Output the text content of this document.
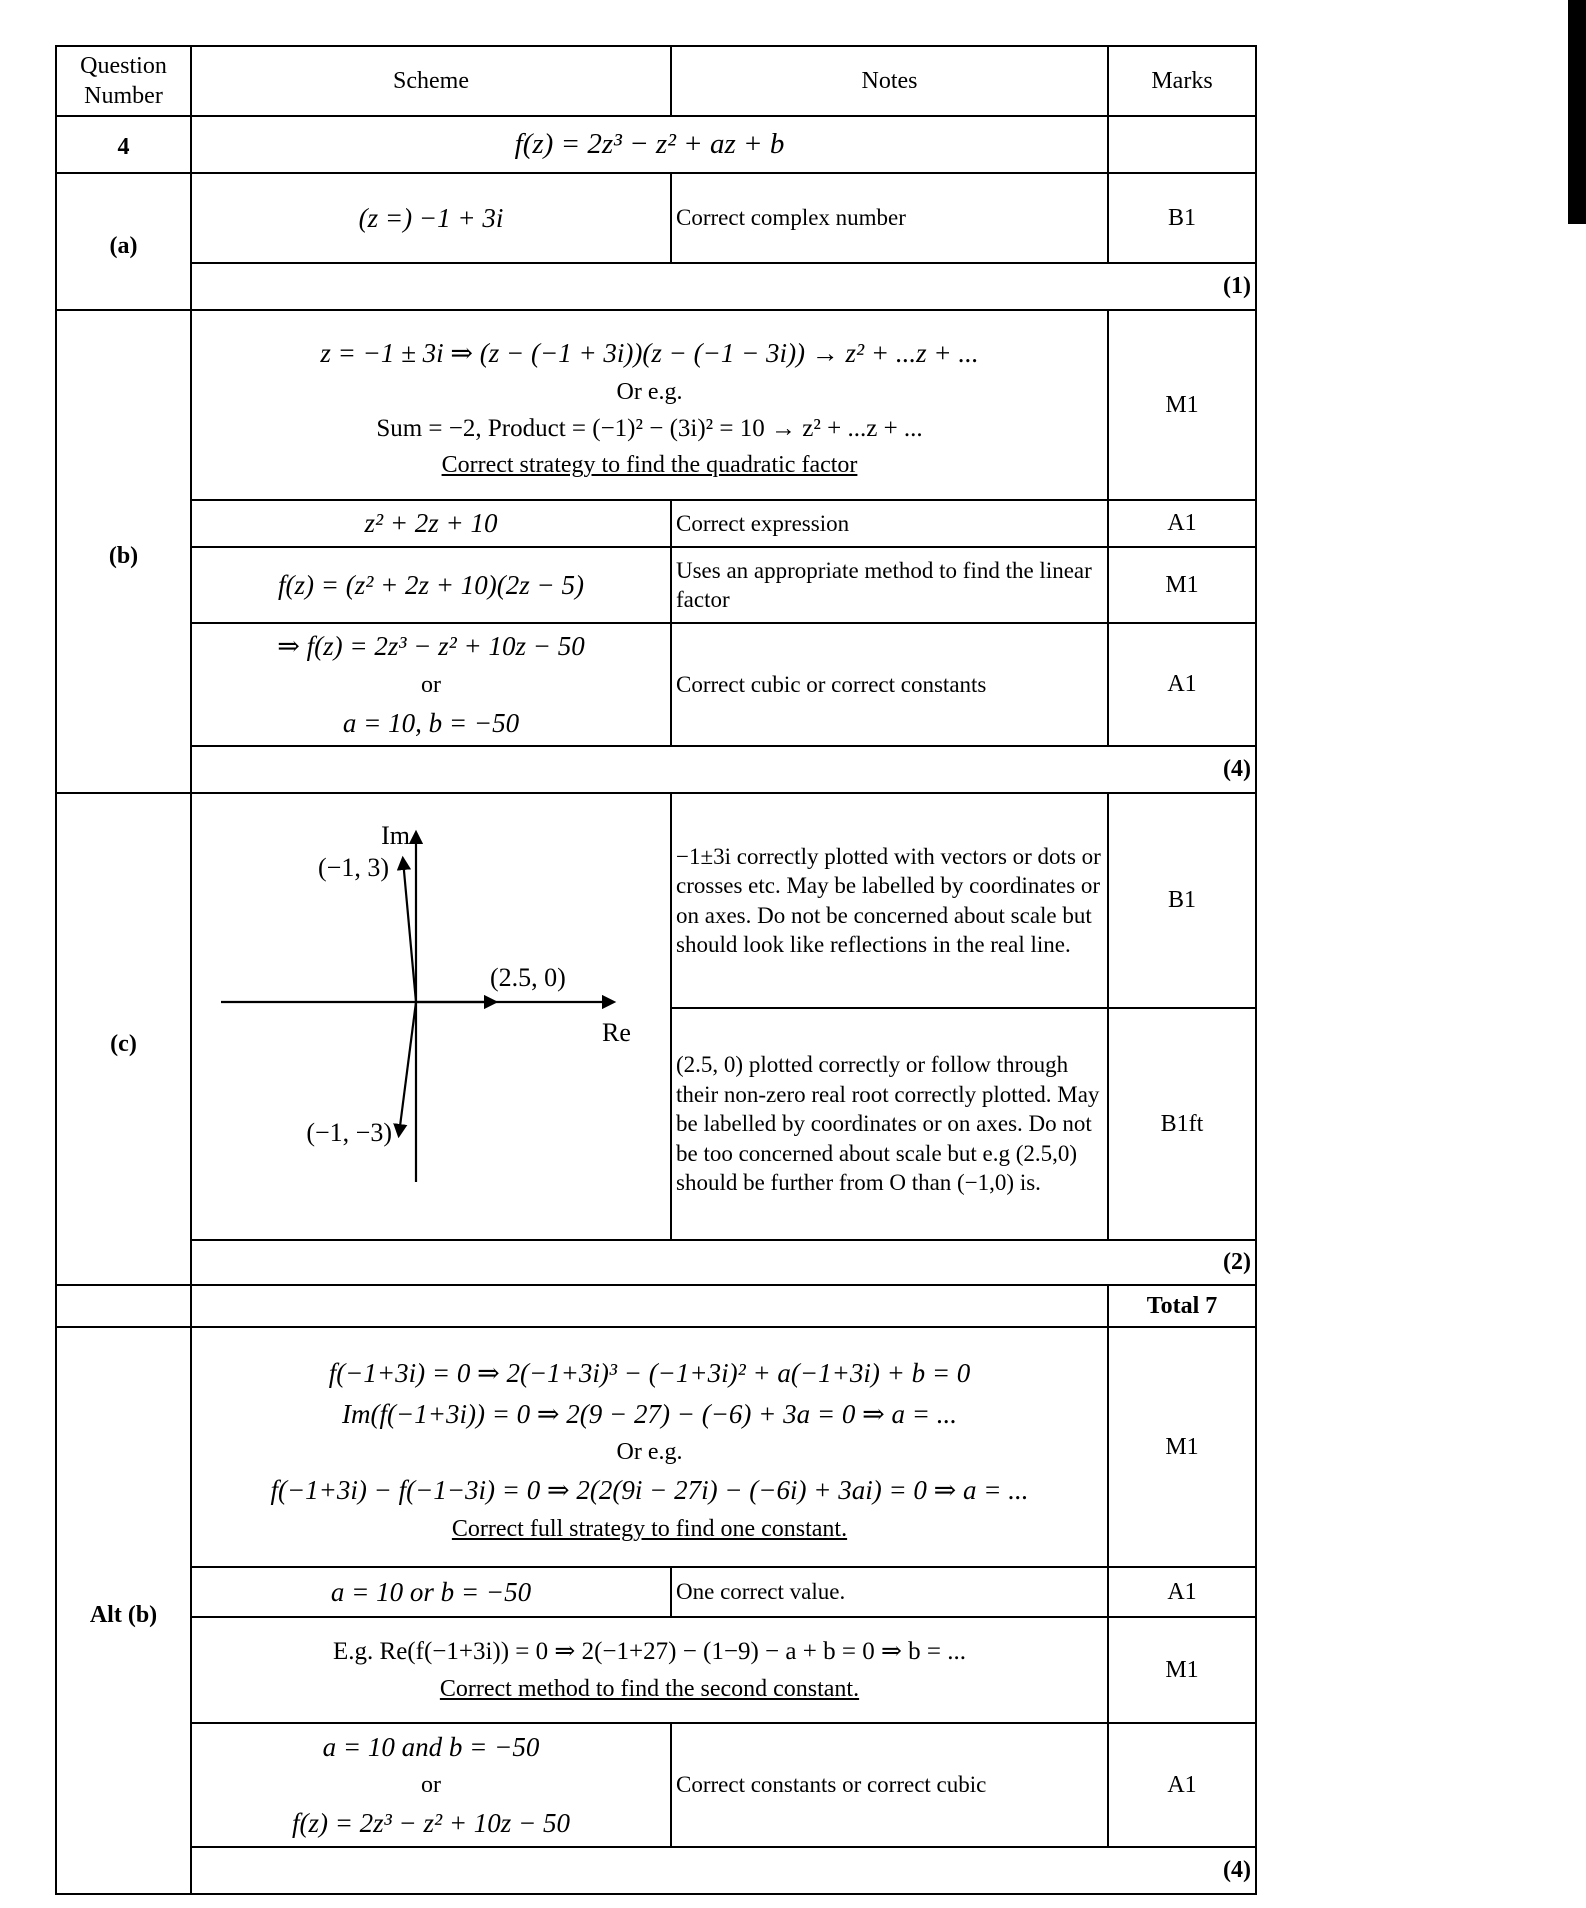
Question Number	Scheme	Notes	Marks

4	f(z) = 2z³ − z² + az + b		

(a)	(z =) −1 + 3i	Correct complex number	B1
	(1)		

(b)	z = −1 ± 3i ⇒ (z − (−1 + 3i))(z − (−1 − 3i)) → z² + ...z + ...
Or e.g.
Sum = −2, Product = (−1)² − (3i)² = 10 → z² + ...z + ...
Correct strategy to find the quadratic factor		M1
	z² + 2z + 10	Correct expression	A1
	f(z) = (z² + 2z + 10)(2z − 5)	Uses an appropriate method to find the linear factor	M1

	⇒ f(z) = 2z³ − z² + 10z − 50
or
a = 10, b = −50	Correct cubic or correct constants	A1
	(4)		

(c)	Im
Re
(−1, 3)
(2.5, 0)
(−1, −3)	−1±3i correctly plotted with vectors or dots or crosses etc. May be labelled by coordinates or on axes. Do not be concerned about scale but should look like reflections in the real line.	B1
		(2.5, 0) plotted correctly or follow through their non-zero real root correctly plotted. May be labelled by coordinates or on axes. Do not be too concerned about scale but e.g (2.5,0) should be further from O than (−1,0) is.	B1ft
	(2)		
			Total 7

Alt (b)	f(−1+3i) = 0 ⇒ 2(−1+3i)³ − (−1+3i)² + a(−1+3i) + b = 0
Im(f(−1+3i)) = 0 ⇒ 2(9 − 27) − (−6) + 3a = 0 ⇒ a = ...
Or e.g.
f(−1+3i) − f(−1−3i) = 0 ⇒ 2(2(9i − 27i) − (−6i) + 3ai) = 0 ⇒ a = ...
Correct full strategy to find one constant.		M1
	a = 10 or b = −50	One correct value.	A1

	E.g. Re(f(−1+3i)) = 0 ⇒ 2(−1+27) − (1−9) − a + b = 0 ⇒ b = ...
Correct method to find the second constant.		M1

	a = 10 and b = −50
or
f(z) = 2z³ − z² + 10z − 50	Correct constants or correct cubic	A1
	(4)		
